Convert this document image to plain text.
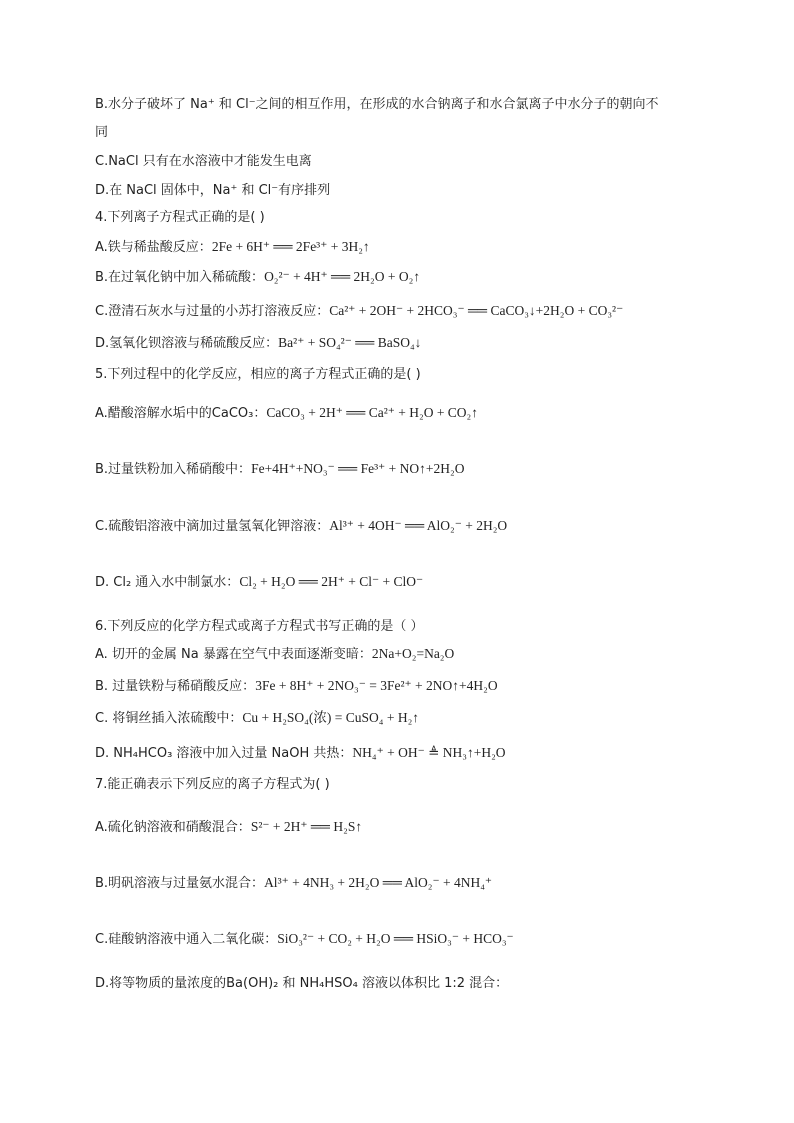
B.水分子破坏了 Na⁺ 和 Cl⁻之间的相互作用，在形成的水合钠离子和水合氯离子中水分子的朝向不
同
C.NaCl 只有在水溶液中才能发生电离
D.在 NaCl 固体中，Na⁺ 和 Cl⁻有序排列
4.下列离子方程式正确的是( )
A.铁与稀盐酸反应：2Fe + 6H⁺ ══ 2Fe³⁺ + 3H₂↑
B.在过氧化钠中加入稀硫酸：O₂²⁻ + 4H⁺ ══ 2H₂O + O₂↑
C.澄清石灰水与过量的小苏打溶液反应：Ca²⁺ + 2OH⁻ + 2HCO₃⁻ ══ CaCO₃↓+2H₂O + CO₃²⁻
D.氢氧化钡溶液与稀硫酸反应：Ba²⁺ + SO₄²⁻ ══ BaSO₄↓
5.下列过程中的化学反应，相应的离子方程式正确的是( )
A.醋酸溶解水垢中的CaCO₃：CaCO₃ + 2H⁺ ══ Ca²⁺ + H₂O + CO₂↑
B.过量铁粉加入稀硝酸中：Fe+4H⁺+NO₃⁻ ══ Fe³⁺ + NO↑+2H₂O
C.硫酸铝溶液中滴加过量氢氧化钾溶液：Al³⁺ + 4OH⁻ ══ AlO₂⁻ + 2H₂O
D. Cl₂ 通入水中制氯水：Cl₂ + H₂O ══ 2H⁺ + Cl⁻ + ClO⁻
6.下列反应的化学方程式或离子方程式书写正确的是（ ）
A. 切开的金属 Na 暴露在空气中表面逐渐变暗：2Na+O₂=Na₂O
B. 过量铁粉与稀硝酸反应：3Fe + 8H⁺ + 2NO₃⁻ = 3Fe²⁺ + 2NO↑+4H₂O
C. 将铜丝插入浓硫酸中：Cu + H₂SO₄(浓) = CuSO₄ + H₂↑
D. NH₄HCO₃ 溶液中加入过量 NaOH 共热：NH₄⁺ + OH⁻ ≜ NH₃↑+H₂O
7.能正确表示下列反应的离子方程式为( )
A.硫化钠溶液和硝酸混合：S²⁻ + 2H⁺ ══ H₂S↑
B.明矾溶液与过量氨水混合：Al³⁺ + 4NH₃ + 2H₂O ══ AlO₂⁻ + 4NH₄⁺
C.硅酸钠溶液中通入二氧化碳：SiO₃²⁻ + CO₂ + H₂O ══ HSiO₃⁻ + HCO₃⁻
D.将等物质的量浓度的Ba(OH)₂ 和 NH₄HSO₄ 溶液以体积比 1:2 混合：
